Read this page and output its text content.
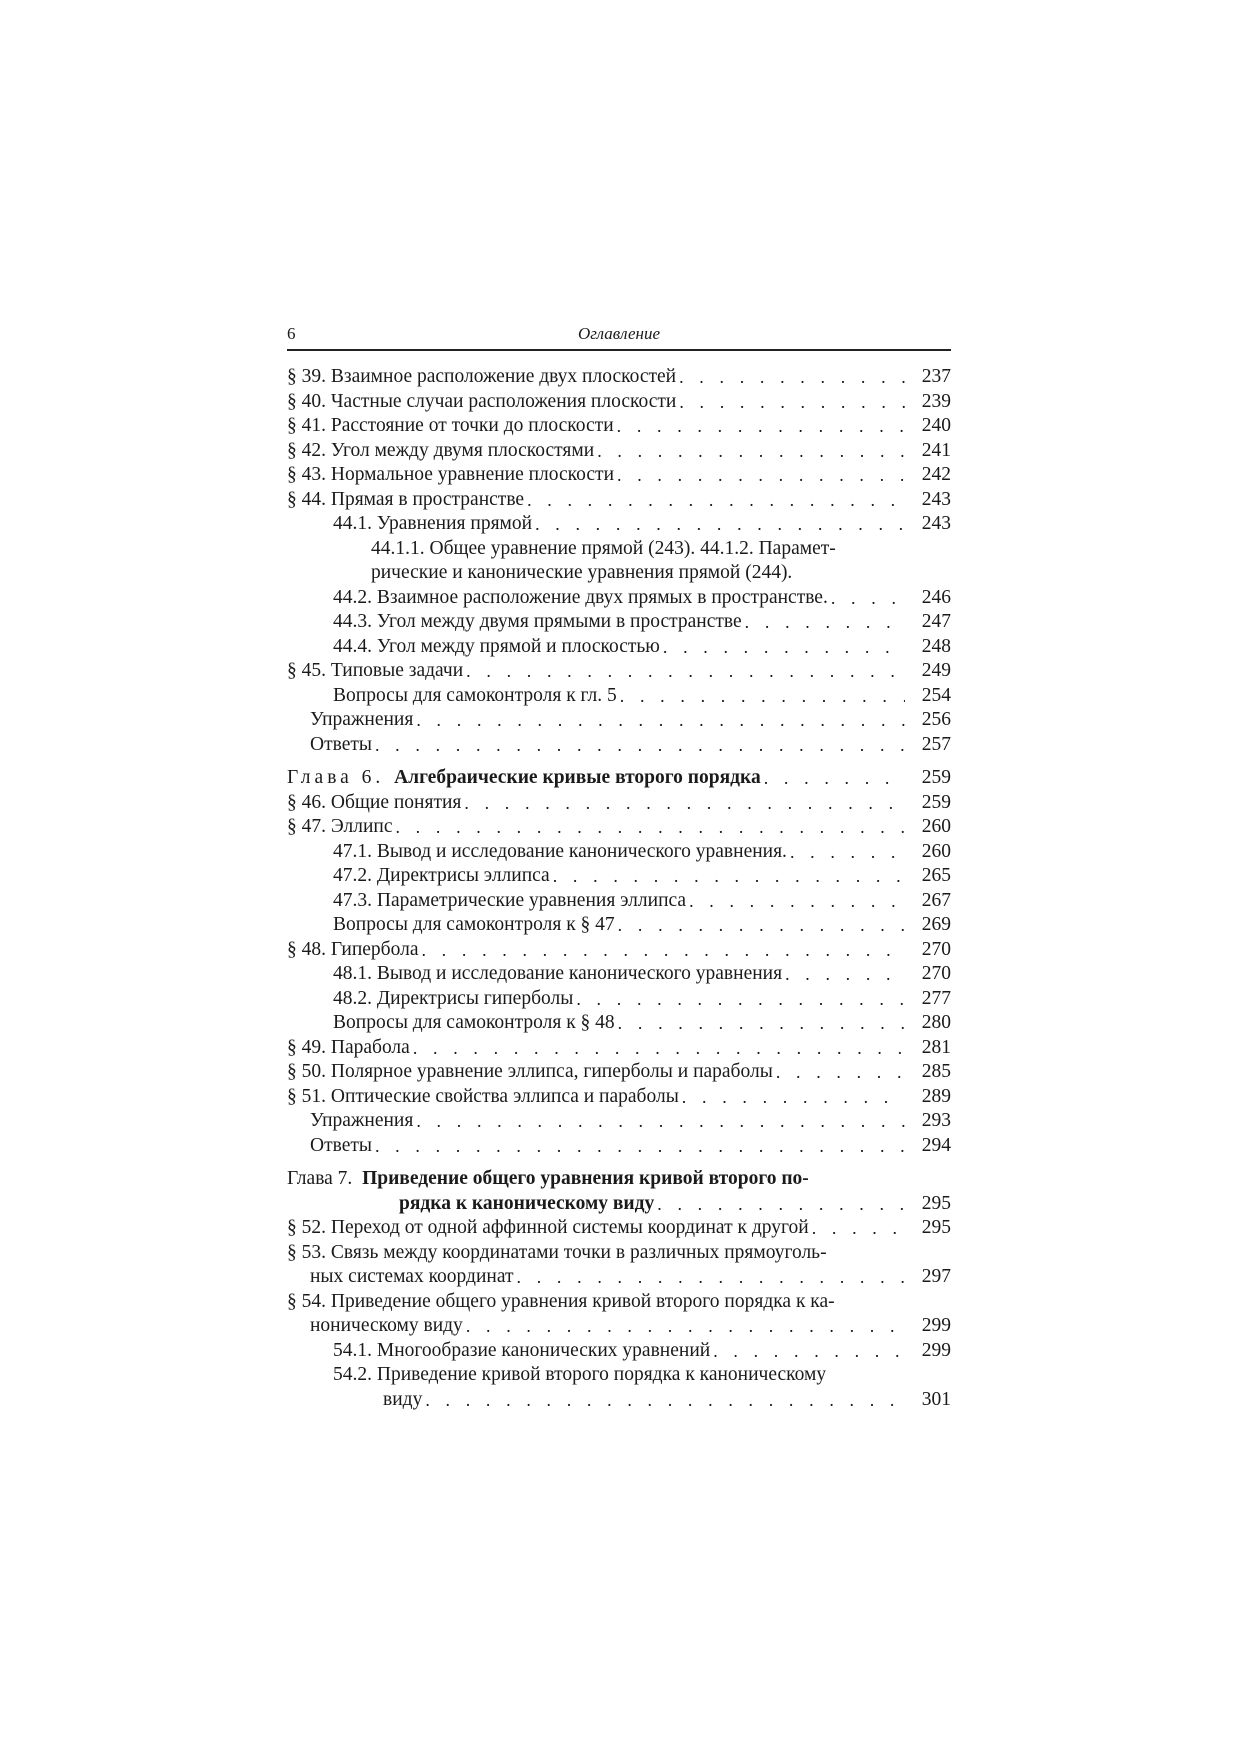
6	Оглавление
§ 39. Взаимное расположение двух плоскостей . . .	237
§ 40. Частные случаи расположения плоскости . . .	239
§ 41. Расстояние от точки до плоскости . . .	240
§ 42. Угол между двумя плоскостями . . .	241
§ 43. Нормальное уравнение плоскости . . .	242
§ 44. Прямая в пространстве . . .	243
44.1. Уравнения прямой . . .	243
44.1.1. Общее уравнение прямой (243). 44.1.2. Парамет-
рические и канонические уравнения прямой (244).
44.2. Взаимное расположение двух прямых в пространстве. . . .	246
44.3. Угол между двумя прямыми в пространстве . . .	247
44.4. Угол между прямой и плоскостью . . .	248
§ 45. Типовые задачи . . .	249
Вопросы для самоконтроля к гл. 5 . . .	254
Упражнения . . .	256
Ответы . . .	257
Глава 6. Алгебраические кривые второго порядка . . .	259
§ 46. Общие понятия . . .	259
§ 47. Эллипс . . .	260
47.1. Вывод и исследование канонического уравнения. . . .	260
47.2. Директрисы эллипса . . .	265
47.3. Параметрические уравнения эллипса . . .	267
Вопросы для самоконтроля к § 47 . . .	269
§ 48. Гипербола . . .	270
48.1. Вывод и исследование канонического уравнения . . .	270
48.2. Директрисы гиперболы . . .	277
Вопросы для самоконтроля к § 48 . . .	280
§ 49. Парабола . . .	281
§ 50. Полярное уравнение эллипса, гиперболы и параболы . . .	285
§ 51. Оптические свойства эллипса и параболы . . .	289
Упражнения . . .	293
Ответы . . .	294
Глава 7. Приведение общего уравнения кривой второго по-
рядка к каноническому виду . . .	295
§ 52. Переход от одной аффинной системы координат к другой . . .	295
§ 53. Связь между координатами точки в различных прямоуголь-
ных системах координат . . .	297
§ 54. Приведение общего уравнения кривой второго порядка к ка-
ноническому виду . . .	299
54.1. Многообразие канонических уравнений . . .	299
54.2. Приведение кривой второго порядка к каноническому
виду . . .	301
